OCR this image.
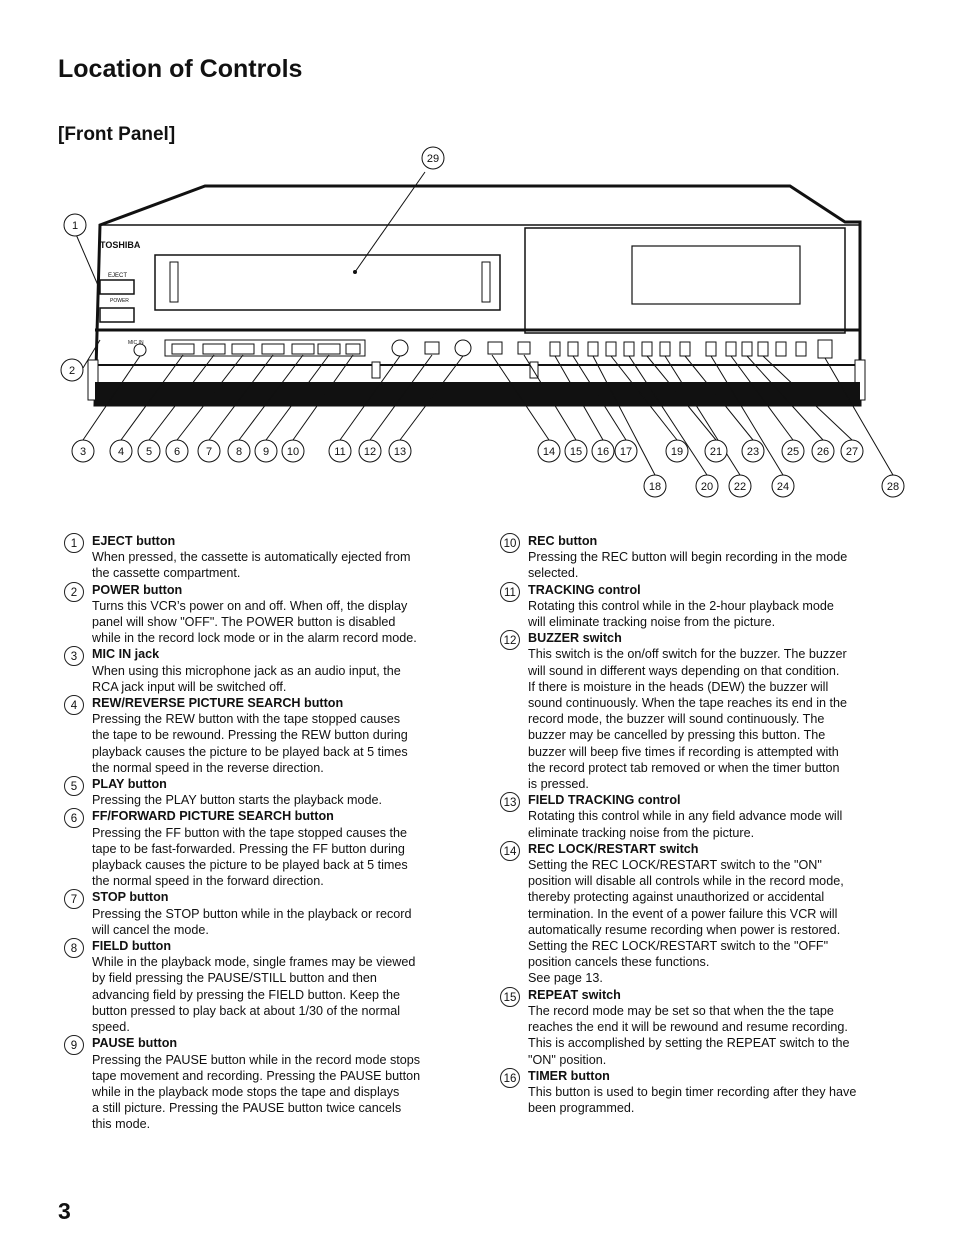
Location of Controls
[Front Panel]
TOSHIBA
EJECT
POWER
MIC IN
1
2
3	4 5 6 7 8 9 10	11 12 13	14 15 16 17
18
19
20
21
22
23
24
25 26 27
28
29
1	EJECT button
When pressed, the cassette is automatically ejected from
the cassette compartment.
2	POWER button
Turns this VCR’s power on and off. When off, the display
panel will show "OFF". The POWER button is disabled
while in the record lock mode or in the alarm record mode.
3	MIC IN jack
When using this microphone jack as an audio input, the
RCA jack input will be switched off.
4	REW/REVERSE PICTURE SEARCH button
Pressing the REW button with the tape stopped causes
the tape to be rewound. Pressing the REW button during
playback causes the picture to be played back at 5 times
the normal speed in the reverse direction.
5	PLAY button
Pressing the PLAY button starts the playback mode.
6	FF/FORWARD PICTURE SEARCH button
Pressing the FF button with the tape stopped causes the
tape to be fast-forwarded. Pressing the FF button during
playback causes the picture to be played back at 5 times
the normal speed in the forward direction.
7	STOP button
Pressing the STOP button while in the playback or record
will cancel the mode.
8	FIELD button
While in the playback mode, single frames may be viewed
by field pressing the PAUSE/STILL button and then
advancing field by pressing the FIELD button. Keep the
button pressed to play back at about 1/30 of the normal
speed.
9	PAUSE button
Pressing the PAUSE button while in the record mode stops
tape movement and recording. Pressing the PAUSE button
while in the playback mode stops the tape and displays
a still picture. Pressing the PAUSE button twice cancels
this mode.
10 REC button
Pressing the REC button will begin recording in the mode
selected.
11 TRACKING control
Rotating this control while in the 2-hour playback mode
will eliminate tracking noise from the picture.
12 BUZZER switch
This switch is the on/off switch for the buzzer. The buzzer
will sound in different ways depending on that condition.
If there is moisture in the heads (DEW) the buzzer will
sound continuously. When the tape reaches its end in the
record mode, the buzzer will sound continuously. The
buzzer may be cancelled by pressing this button. The
buzzer will beep five times if recording is attempted with
the record protect tab removed or when the timer button
is pressed.
13 FIELD TRACKING control
Rotating this control while in any field advance mode will
eliminate tracking noise from the picture.
14 REC LOCK/RESTART switch
Setting the REC LOCK/RESTART switch to the "ON"
position will disable all controls while in the record mode,
thereby protecting against unauthorized or accidental
termination. In the event of a power failure this VCR will
automatically resume recording when power is restored.
Setting the REC LOCK/RESTART switch to the "OFF"
position cancels these functions.
See page 13.
15 REPEAT switch
The record mode may be set so that when the the tape
reaches the end it will be rewound and resume recording.
This is accomplished by setting the REPEAT switch to the
"ON" position.
16 TIMER button
This button is used to begin timer recording after they have
been programmed.
3
